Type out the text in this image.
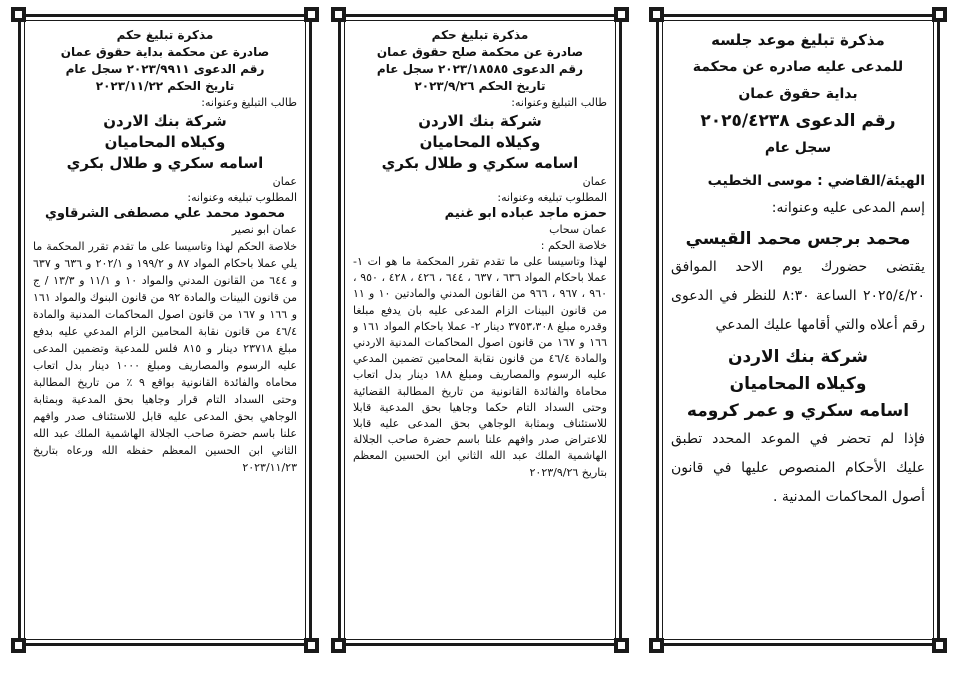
مذكرة تبليغ موعد جلسه
للمدعى عليه صادره عن محكمة
بداية حقوق عمان
رقم الدعوى ٢٠٢٥/٤٢٣٨
سجل عام
الهيئة/القاضي : موسى الخطيب
إسم المدعى عليه وعنوانه:
محمد برجس محمد القيسي
يقتضى حضورك يوم الاحد الموافق ٢٠٢٥/٤/٢٠ الساعة ٨:٣٠ للنظر في الدعوى رقم أعلاه والتي أقامها عليك المدعي
شركة بنك الاردن
وكيلاه المحاميان
اسامه سكري و عمر كرومه
فإذا لم تحضر في الموعد المحدد تطبق عليك الأحكام المنصوص عليها في قانون أصول المحاكمات المدنية .
مذكرة تبليغ حكم
صادرة عن محكمة صلح حقوق عمان
رقم الدعوى ٢٠٢٣/١٨٥٨٥ سجل عام
تاريخ الحكم ٢٠٢٣/٩/٢٦
طالب التبليغ وعنوانه:
شركة بنك الاردن
وكيلاه المحاميان
اسامه سكري و طلال بكري
عمان
المطلوب تبليغه وعنوانه:
حمزه ماجد عباده ابو غنيم
عمان سحاب
خلاصة الحكم :
لهذا وتاسيسا على ما تقدم تقرر المحكمة ما هو ات ١- عملا باحكام المواد ٦٣٦ ، ٦٣٧ ، ٦٤٤ ، ٤٢٦ ، ٤٢٨ ، ٩٥٠ ، ٩٦٠ ، ٩٦٧ ، ٩٦٦ من القانون المدني والمادتين ١٠ و ١١ من قانون البينات الزام المدعى عليه بان يدفع مبلغا وقدره مبلغ ٣٧٥٣،٣٠٨ دينار ٢- عملا باحكام المواد ١٦١ و ١٦٦ و ١٦٧ من قانون اصول المحاكمات المدنية الاردني والمادة ٤٦/٤ من قانون نقابة المحامين تضمين المدعي عليه الرسوم والمصاريف ومبلغ ١٨٨ دينار بدل اتعاب محاماة والفائدة القانونية من تاريخ المطالبة القضائية وحتى السداد التام حكما وجاهيا بحق المدعية قابلا للاستئناف وبمثابة الوجاهي بحق المدعى عليه قابلا للاعتراض صدر وافهم علنا باسم حضرة صاحب الجلالة الهاشمية الملك عبد الله الثاني ابن الحسين المعظم بتاريخ ٢٠٢٣/٩/٢٦
مذكرة تبليغ حكم
صادرة عن محكمة بداية حقوق عمان
رقم الدعوى ٢٠٢٣/٩٩١١ سجل عام
تاريخ الحكم ٢٠٢٣/١١/٢٢
طالب التبليغ وعنوانه:
شركة بنك الاردن
وكيلاه المحاميان
اسامه سكري و طلال بكري
عمان
المطلوب تبليغه وعنوانه:
محمود محمد علي مصطفى الشرقاوي
عمان ابو نصير
خلاصة الحكم لهذا وتاسيسا على ما تقدم تقرر المحكمة ما يلي عملا باحكام المواد ٨٧ و ١٩٩/٢ و ٢٠٢/١ و ٦٣٦ و ٦٣٧ و ٦٤٤ من القانون المدني والمواد ١٠ و ١١/١ و ١٣/٣ / ج من قانون البينات والمادة ٩٢ من قانون البنوك والمواد ١٦١ و ١٦٦ و ١٦٧ من قانون اصول المحاكمات المدنية والمادة ٤٦/٤ من قانون نقابة المحامين الزام المدعي عليه بدفع مبلغ ٢٣٧١٨ دينار و ٨١٥ فلس للمدعية وتضمين المدعى عليه الرسوم والمصاريف ومبلغ ١٠٠٠ دينار بدل اتعاب محاماه والفائدة القانونية بواقع ٩ ٪ من تاريخ المطالبة وحتى السداد التام قرار وجاهيا بحق المدعية وبمثابة الوجاهي بحق المدعى عليه قابل للاستئناف صدر وافهم علنا باسم حضرة صاحب الجلالة الهاشمية الملك عبد الله الثاني ابن الحسين المعظم حفظه الله ورعاه بتاريخ ٢٠٢٣/١١/٢٣
